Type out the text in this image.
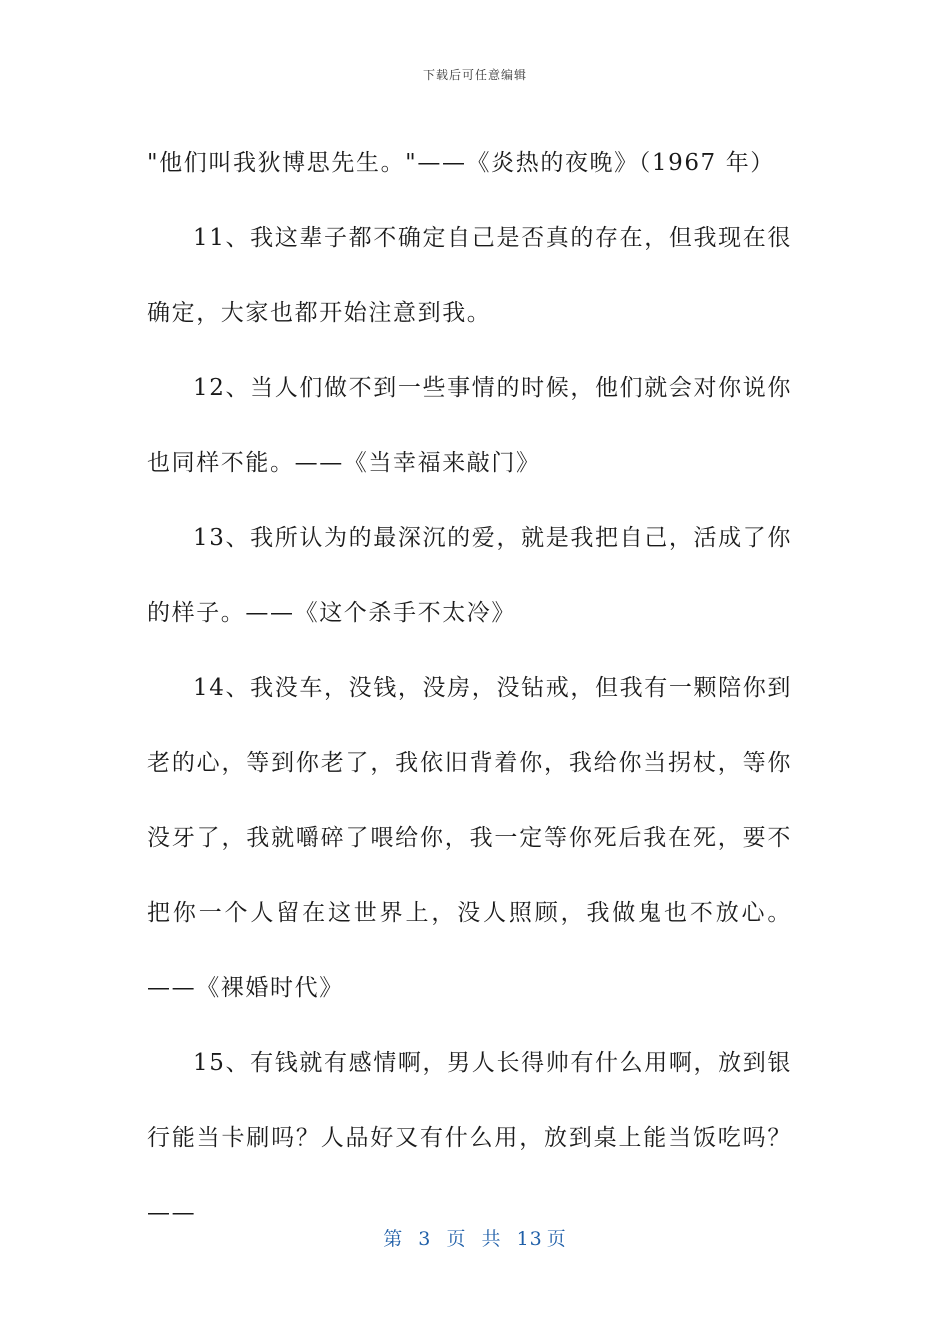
下载后可任意编辑

"他们叫我狄博思先生。"——《炎热的夜晚》（1967 年）

11、我这辈子都不确定自己是否真的存在，但我现在很确定，大家也都开始注意到我。

12、当人们做不到一些事情的时候，他们就会对你说你也同样不能。——《当幸福来敲门》

13、我所认为的最深沉的爱，就是我把自己，活成了你的样子。——《这个杀手不太冷》

14、我没车，没钱，没房，没钻戒，但我有一颗陪你到老的心，等到你老了，我依旧背着你，我给你当拐杖，等你没牙了，我就嚼碎了喂给你，我一定等你死后我在死，要不把你一个人留在这世界上，没人照顾，我做鬼也不放心。——《裸婚时代》

15、有钱就有感情啊，男人长得帅有什么用啊，放到银行能当卡刷吗？人品好又有什么用，放到桌上能当饭吃吗？——

第 3 页 共 13 页
